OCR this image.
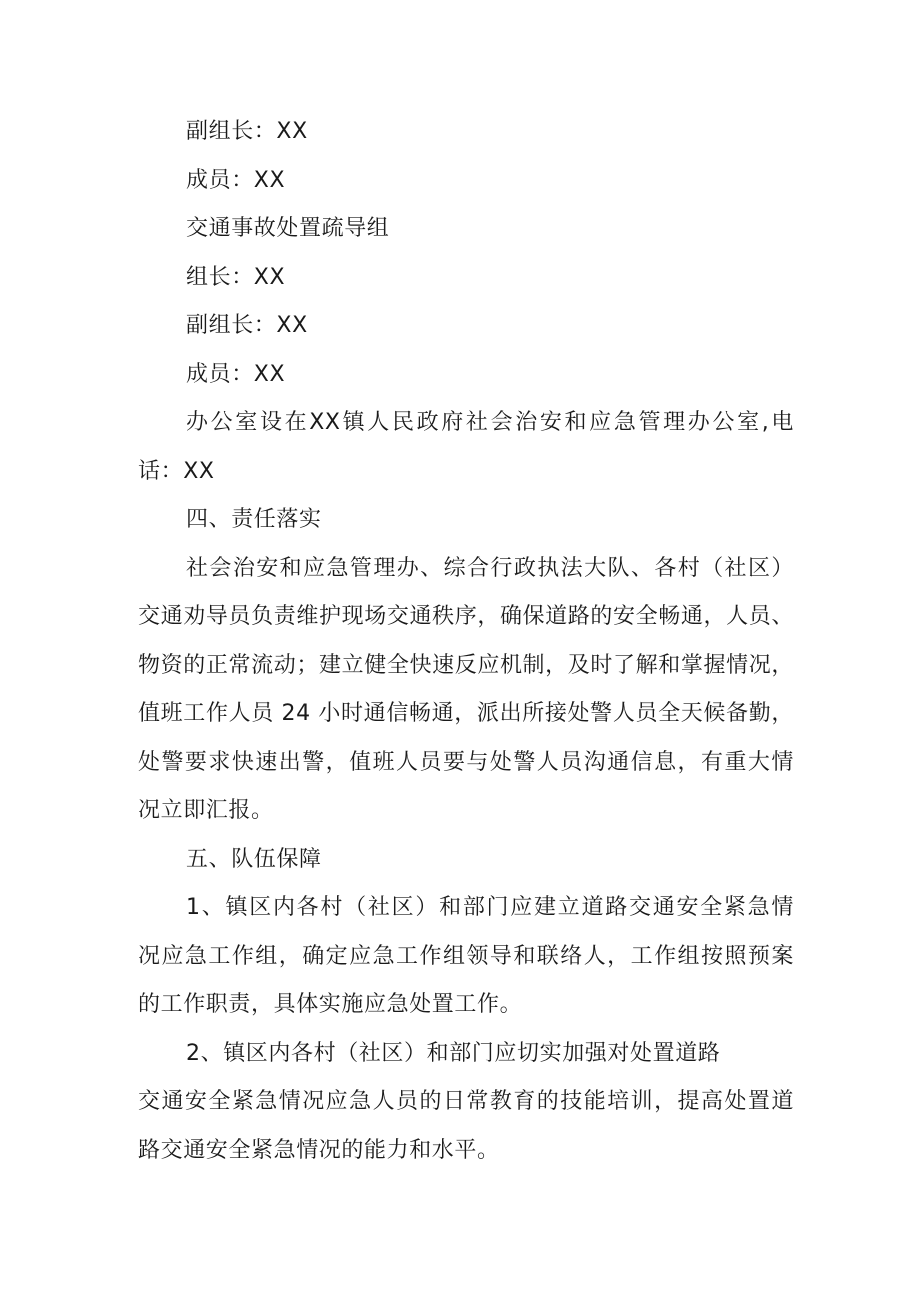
副组长：XX
成员：XX
交通事故处置疏导组
组长：XX
副组长：XX
成员：XX
办公室设在XX镇人民政府社会治安和应急管理办公室,电
话：XX
四、责任落实
社会治安和应急管理办、综合行政执法大队、各村（社区）
交通劝导员负责维护现场交通秩序，确保道路的安全畅通，人员、
物资的正常流动；建立健全快速反应机制，及时了解和掌握情况，
值班工作人员 24 小时通信畅通，派出所接处警人员全天候备勤，
处警要求快速出警，值班人员要与处警人员沟通信息，有重大情
况立即汇报。
五、队伍保障
1、镇区内各村（社区）和部门应建立道路交通安全紧急情
况应急工作组，确定应急工作组领导和联络人，工作组按照预案
的工作职责，具体实施应急处置工作。
2、镇区内各村（社区）和部门应切实加强对处置道路
交通安全紧急情况应急人员的日常教育的技能培训，提高处置道
路交通安全紧急情况的能力和水平。
